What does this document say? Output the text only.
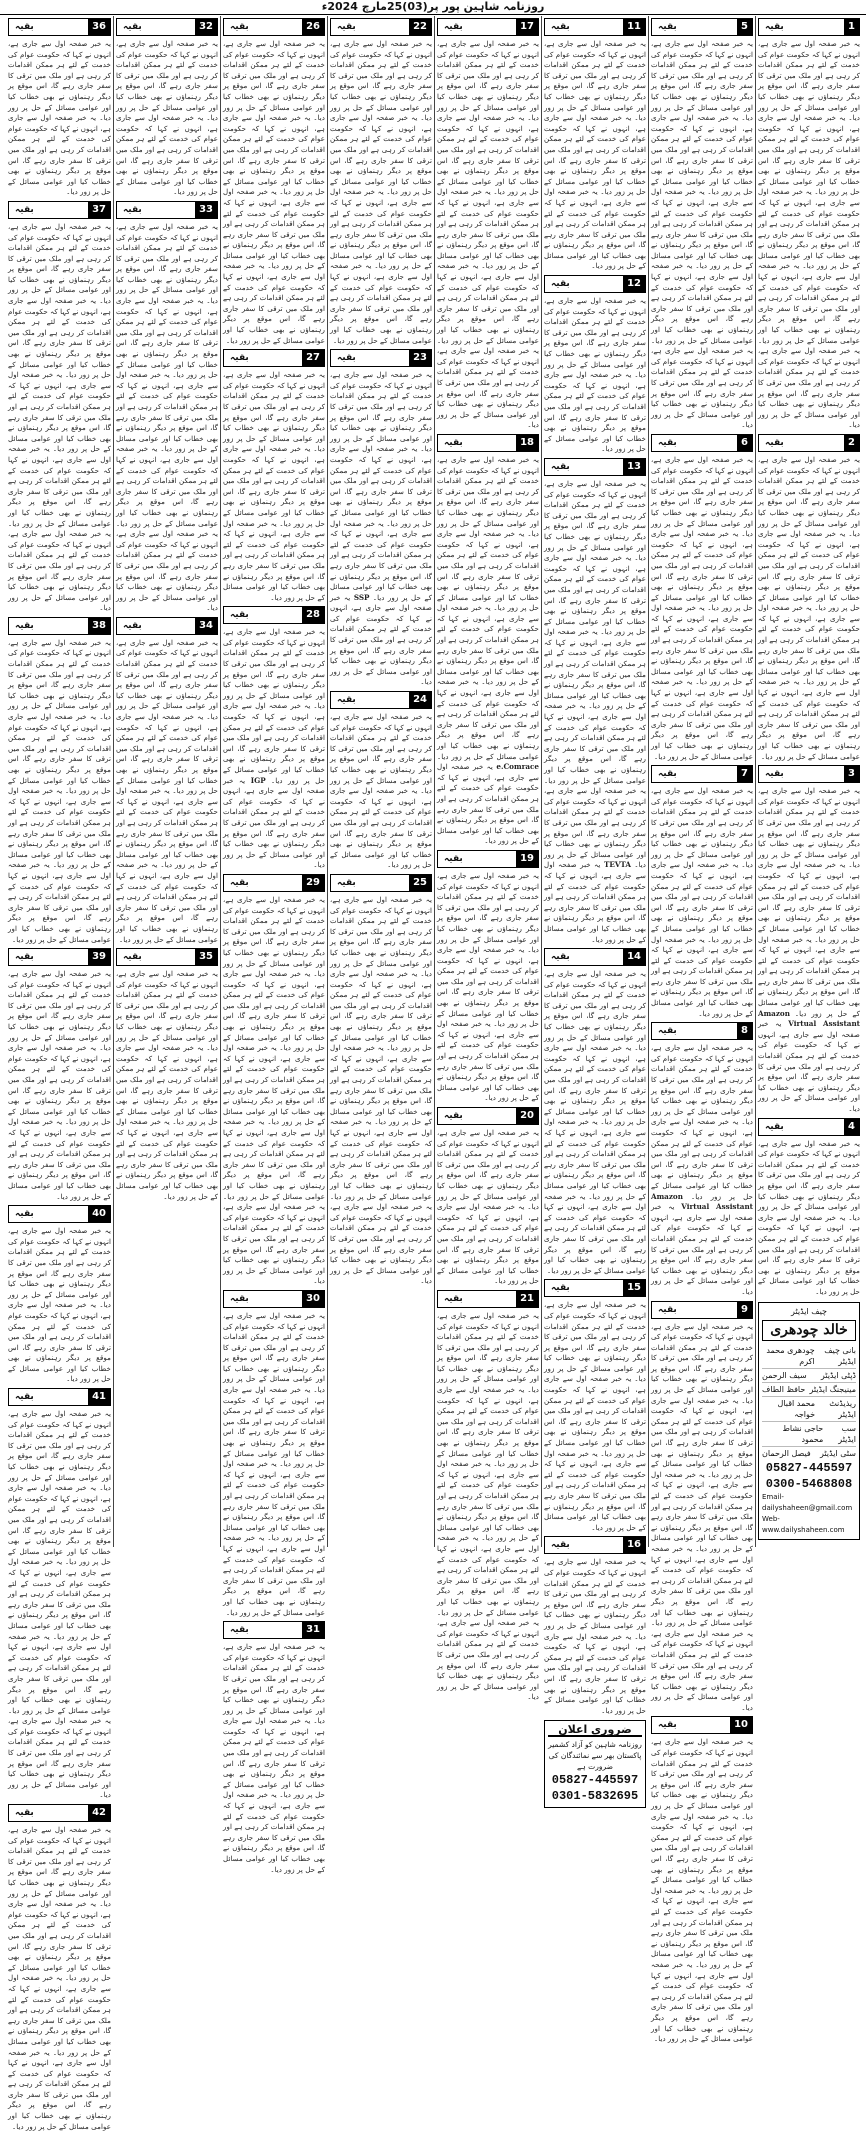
روزنامہ شاہین پور پر(03)25مارچ 2024ء
1
بقیہ

یہ خبر صفحہ اول سے جاری ہے، انہوں نے کہا کہ حکومت عوام کی خدمت کے لئے ہر ممکن اقدامات کر رہی ہے اور ملک میں ترقی کا سفر جاری رہے گا، اس موقع پر دیگر رہنماؤں نے بھی خطاب کیا اور عوامی مسائل کے حل پر زور دیا۔ یہ خبر صفحہ اول سے جاری ہے، انہوں نے کہا کہ حکومت عوام کی خدمت کے لئے ہر ممکن اقدامات کر رہی ہے اور ملک میں ترقی کا سفر جاری رہے گا، اس موقع پر دیگر رہنماؤں نے بھی خطاب کیا اور عوامی مسائل کے حل پر زور دیا۔ یہ خبر صفحہ اول سے جاری ہے، انہوں نے کہا کہ حکومت عوام کی خدمت کے لئے ہر ممکن اقدامات کر رہی ہے اور ملک میں ترقی کا سفر جاری رہے گا، اس موقع پر دیگر رہنماؤں نے بھی خطاب کیا اور عوامی مسائل کے حل پر زور دیا۔ یہ خبر صفحہ اول سے جاری ہے، انہوں نے کہا کہ حکومت عوام کی خدمت کے لئے ہر ممکن اقدامات کر رہی ہے اور ملک میں ترقی کا سفر جاری رہے گا، اس موقع پر دیگر رہنماؤں نے بھی خطاب کیا اور عوامی مسائل کے حل پر زور دیا۔ یہ خبر صفحہ اول سے جاری ہے، انہوں نے کہا کہ حکومت عوام کی خدمت کے لئے ہر ممکن اقدامات کر رہی ہے اور ملک میں ترقی کا سفر جاری رہے گا، اس موقع پر دیگر رہنماؤں نے بھی خطاب کیا اور عوامی مسائل کے حل پر زور دیا۔

2
بقیہ

یہ خبر صفحہ اول سے جاری ہے، انہوں نے کہا کہ حکومت عوام کی خدمت کے لئے ہر ممکن اقدامات کر رہی ہے اور ملک میں ترقی کا سفر جاری رہے گا، اس موقع پر دیگر رہنماؤں نے بھی خطاب کیا اور عوامی مسائل کے حل پر زور دیا۔ یہ خبر صفحہ اول سے جاری ہے، انہوں نے کہا کہ حکومت عوام کی خدمت کے لئے ہر ممکن اقدامات کر رہی ہے اور ملک میں ترقی کا سفر جاری رہے گا، اس موقع پر دیگر رہنماؤں نے بھی خطاب کیا اور عوامی مسائل کے حل پر زور دیا۔ یہ خبر صفحہ اول سے جاری ہے، انہوں نے کہا کہ حکومت عوام کی خدمت کے لئے ہر ممکن اقدامات کر رہی ہے اور ملک میں ترقی کا سفر جاری رہے گا، اس موقع پر دیگر رہنماؤں نے بھی خطاب کیا اور عوامی مسائل کے حل پر زور دیا۔ یہ خبر صفحہ اول سے جاری ہے، انہوں نے کہا کہ حکومت عوام کی خدمت کے لئے ہر ممکن اقدامات کر رہی ہے اور ملک میں ترقی کا سفر جاری رہے گا، اس موقع پر دیگر رہنماؤں نے بھی خطاب کیا اور عوامی مسائل کے حل پر زور دیا۔

3
بقیہ

یہ خبر صفحہ اول سے جاری ہے، انہوں نے کہا کہ حکومت عوام کی خدمت کے لئے ہر ممکن اقدامات کر رہی ہے اور ملک میں ترقی کا سفر جاری رہے گا، اس موقع پر دیگر رہنماؤں نے بھی خطاب کیا اور عوامی مسائل کے حل پر زور دیا۔ یہ خبر صفحہ اول سے جاری ہے، انہوں نے کہا کہ حکومت عوام کی خدمت کے لئے ہر ممکن اقدامات کر رہی ہے اور ملک میں ترقی کا سفر جاری رہے گا، اس موقع پر دیگر رہنماؤں نے بھی خطاب کیا اور عوامی مسائل کے حل پر زور دیا۔ یہ خبر صفحہ اول سے جاری ہے، انہوں نے کہا کہ حکومت عوام کی خدمت کے لئے ہر ممکن اقدامات کر رہی ہے اور ملک میں ترقی کا سفر جاری رہے گا، اس موقع پر دیگر رہنماؤں نے بھی خطاب کیا اور عوامی مسائل کے حل پر زور دیا۔ Amazon Virtual Assistant یہ خبر صفحہ اول سے جاری ہے، انہوں نے کہا کہ حکومت عوام کی خدمت کے لئے ہر ممکن اقدامات کر رہی ہے اور ملک میں ترقی کا سفر جاری رہے گا، اس موقع پر دیگر رہنماؤں نے بھی خطاب کیا اور عوامی مسائل کے حل پر زور دیا۔

4
بقیہ

یہ خبر صفحہ اول سے جاری ہے، انہوں نے کہا کہ حکومت عوام کی خدمت کے لئے ہر ممکن اقدامات کر رہی ہے اور ملک میں ترقی کا سفر جاری رہے گا، اس موقع پر دیگر رہنماؤں نے بھی خطاب کیا اور عوامی مسائل کے حل پر زور دیا۔ یہ خبر صفحہ اول سے جاری ہے، انہوں نے کہا کہ حکومت عوام کی خدمت کے لئے ہر ممکن اقدامات کر رہی ہے اور ملک میں ترقی کا سفر جاری رہے گا، اس موقع پر دیگر رہنماؤں نے بھی خطاب کیا اور عوامی مسائل کے حل پر زور دیا۔

چیف ایڈیٹر
خالد چودھری
بانی چیف ایڈیٹر
چودھری محمد اکرم
ڈپٹی ایڈیٹر
سیف الرحمن
مینیجنگ ایڈیٹر
حافظ الطاف
ریذیڈنٹ ایڈیٹر
محمد اقبال خواجہ
سب ایڈیٹر
حاجی نشاط محمود
سٹی ایڈیٹر
فیصل الرحمان
05827-445597
0300-5468808
Email-dailyshaheen@gmail.com
Web-www.dailyshaheen.com
5
بقیہ

یہ خبر صفحہ اول سے جاری ہے، انہوں نے کہا کہ حکومت عوام کی خدمت کے لئے ہر ممکن اقدامات کر رہی ہے اور ملک میں ترقی کا سفر جاری رہے گا، اس موقع پر دیگر رہنماؤں نے بھی خطاب کیا اور عوامی مسائل کے حل پر زور دیا۔ یہ خبر صفحہ اول سے جاری ہے، انہوں نے کہا کہ حکومت عوام کی خدمت کے لئے ہر ممکن اقدامات کر رہی ہے اور ملک میں ترقی کا سفر جاری رہے گا، اس موقع پر دیگر رہنماؤں نے بھی خطاب کیا اور عوامی مسائل کے حل پر زور دیا۔ یہ خبر صفحہ اول سے جاری ہے، انہوں نے کہا کہ حکومت عوام کی خدمت کے لئے ہر ممکن اقدامات کر رہی ہے اور ملک میں ترقی کا سفر جاری رہے گا، اس موقع پر دیگر رہنماؤں نے بھی خطاب کیا اور عوامی مسائل کے حل پر زور دیا۔ یہ خبر صفحہ اول سے جاری ہے، انہوں نے کہا کہ حکومت عوام کی خدمت کے لئے ہر ممکن اقدامات کر رہی ہے اور ملک میں ترقی کا سفر جاری رہے گا، اس موقع پر دیگر رہنماؤں نے بھی خطاب کیا اور عوامی مسائل کے حل پر زور دیا۔ یہ خبر صفحہ اول سے جاری ہے، انہوں نے کہا کہ حکومت عوام کی خدمت کے لئے ہر ممکن اقدامات کر رہی ہے اور ملک میں ترقی کا سفر جاری رہے گا، اس موقع پر دیگر رہنماؤں نے بھی خطاب کیا اور عوامی مسائل کے حل پر زور دیا۔

6
بقیہ

یہ خبر صفحہ اول سے جاری ہے، انہوں نے کہا کہ حکومت عوام کی خدمت کے لئے ہر ممکن اقدامات کر رہی ہے اور ملک میں ترقی کا سفر جاری رہے گا، اس موقع پر دیگر رہنماؤں نے بھی خطاب کیا اور عوامی مسائل کے حل پر زور دیا۔ یہ خبر صفحہ اول سے جاری ہے، انہوں نے کہا کہ حکومت عوام کی خدمت کے لئے ہر ممکن اقدامات کر رہی ہے اور ملک میں ترقی کا سفر جاری رہے گا، اس موقع پر دیگر رہنماؤں نے بھی خطاب کیا اور عوامی مسائل کے حل پر زور دیا۔ یہ خبر صفحہ اول سے جاری ہے، انہوں نے کہا کہ حکومت عوام کی خدمت کے لئے ہر ممکن اقدامات کر رہی ہے اور ملک میں ترقی کا سفر جاری رہے گا، اس موقع پر دیگر رہنماؤں نے بھی خطاب کیا اور عوامی مسائل کے حل پر زور دیا۔ یہ خبر صفحہ اول سے جاری ہے، انہوں نے کہا کہ حکومت عوام کی خدمت کے لئے ہر ممکن اقدامات کر رہی ہے اور ملک میں ترقی کا سفر جاری رہے گا، اس موقع پر دیگر رہنماؤں نے بھی خطاب کیا اور عوامی مسائل کے حل پر زور دیا۔

7
بقیہ

یہ خبر صفحہ اول سے جاری ہے، انہوں نے کہا کہ حکومت عوام کی خدمت کے لئے ہر ممکن اقدامات کر رہی ہے اور ملک میں ترقی کا سفر جاری رہے گا، اس موقع پر دیگر رہنماؤں نے بھی خطاب کیا اور عوامی مسائل کے حل پر زور دیا۔ یہ خبر صفحہ اول سے جاری ہے، انہوں نے کہا کہ حکومت عوام کی خدمت کے لئے ہر ممکن اقدامات کر رہی ہے اور ملک میں ترقی کا سفر جاری رہے گا، اس موقع پر دیگر رہنماؤں نے بھی خطاب کیا اور عوامی مسائل کے حل پر زور دیا۔ یہ خبر صفحہ اول سے جاری ہے، انہوں نے کہا کہ حکومت عوام کی خدمت کے لئے ہر ممکن اقدامات کر رہی ہے اور ملک میں ترقی کا سفر جاری رہے گا، اس موقع پر دیگر رہنماؤں نے بھی خطاب کیا اور عوامی مسائل کے حل پر زور دیا۔

8
بقیہ

یہ خبر صفحہ اول سے جاری ہے، انہوں نے کہا کہ حکومت عوام کی خدمت کے لئے ہر ممکن اقدامات کر رہی ہے اور ملک میں ترقی کا سفر جاری رہے گا، اس موقع پر دیگر رہنماؤں نے بھی خطاب کیا اور عوامی مسائل کے حل پر زور دیا۔ یہ خبر صفحہ اول سے جاری ہے، انہوں نے کہا کہ حکومت عوام کی خدمت کے لئے ہر ممکن اقدامات کر رہی ہے اور ملک میں ترقی کا سفر جاری رہے گا، اس موقع پر دیگر رہنماؤں نے بھی خطاب کیا اور عوامی مسائل کے حل پر زور دیا۔ Amazon Virtual Assistant یہ خبر صفحہ اول سے جاری ہے، انہوں نے کہا کہ حکومت عوام کی خدمت کے لئے ہر ممکن اقدامات کر رہی ہے اور ملک میں ترقی کا سفر جاری رہے گا، اس موقع پر دیگر رہنماؤں نے بھی خطاب کیا اور عوامی مسائل کے حل پر زور دیا۔

9
بقیہ

یہ خبر صفحہ اول سے جاری ہے، انہوں نے کہا کہ حکومت عوام کی خدمت کے لئے ہر ممکن اقدامات کر رہی ہے اور ملک میں ترقی کا سفر جاری رہے گا، اس موقع پر دیگر رہنماؤں نے بھی خطاب کیا اور عوامی مسائل کے حل پر زور دیا۔ یہ خبر صفحہ اول سے جاری ہے، انہوں نے کہا کہ حکومت عوام کی خدمت کے لئے ہر ممکن اقدامات کر رہی ہے اور ملک میں ترقی کا سفر جاری رہے گا، اس موقع پر دیگر رہنماؤں نے بھی خطاب کیا اور عوامی مسائل کے حل پر زور دیا۔ یہ خبر صفحہ اول سے جاری ہے، انہوں نے کہا کہ حکومت عوام کی خدمت کے لئے ہر ممکن اقدامات کر رہی ہے اور ملک میں ترقی کا سفر جاری رہے گا، اس موقع پر دیگر رہنماؤں نے بھی خطاب کیا اور عوامی مسائل کے حل پر زور دیا۔ یہ خبر صفحہ اول سے جاری ہے، انہوں نے کہا کہ حکومت عوام کی خدمت کے لئے ہر ممکن اقدامات کر رہی ہے اور ملک میں ترقی کا سفر جاری رہے گا، اس موقع پر دیگر رہنماؤں نے بھی خطاب کیا اور عوامی مسائل کے حل پر زور دیا۔ یہ خبر صفحہ اول سے جاری ہے، انہوں نے کہا کہ حکومت عوام کی خدمت کے لئے ہر ممکن اقدامات کر رہی ہے اور ملک میں ترقی کا سفر جاری رہے گا، اس موقع پر دیگر رہنماؤں نے بھی خطاب کیا اور عوامی مسائل کے حل پر زور دیا۔

10
بقیہ

یہ خبر صفحہ اول سے جاری ہے، انہوں نے کہا کہ حکومت عوام کی خدمت کے لئے ہر ممکن اقدامات کر رہی ہے اور ملک میں ترقی کا سفر جاری رہے گا، اس موقع پر دیگر رہنماؤں نے بھی خطاب کیا اور عوامی مسائل کے حل پر زور دیا۔ یہ خبر صفحہ اول سے جاری ہے، انہوں نے کہا کہ حکومت عوام کی خدمت کے لئے ہر ممکن اقدامات کر رہی ہے اور ملک میں ترقی کا سفر جاری رہے گا، اس موقع پر دیگر رہنماؤں نے بھی خطاب کیا اور عوامی مسائل کے حل پر زور دیا۔ یہ خبر صفحہ اول سے جاری ہے، انہوں نے کہا کہ حکومت عوام کی خدمت کے لئے ہر ممکن اقدامات کر رہی ہے اور ملک میں ترقی کا سفر جاری رہے گا، اس موقع پر دیگر رہنماؤں نے بھی خطاب کیا اور عوامی مسائل کے حل پر زور دیا۔ یہ خبر صفحہ اول سے جاری ہے، انہوں نے کہا کہ حکومت عوام کی خدمت کے لئے ہر ممکن اقدامات کر رہی ہے اور ملک میں ترقی کا سفر جاری رہے گا، اس موقع پر دیگر رہنماؤں نے بھی خطاب کیا اور عوامی مسائل کے حل پر زور دیا۔

11
بقیہ

یہ خبر صفحہ اول سے جاری ہے، انہوں نے کہا کہ حکومت عوام کی خدمت کے لئے ہر ممکن اقدامات کر رہی ہے اور ملک میں ترقی کا سفر جاری رہے گا، اس موقع پر دیگر رہنماؤں نے بھی خطاب کیا اور عوامی مسائل کے حل پر زور دیا۔ یہ خبر صفحہ اول سے جاری ہے، انہوں نے کہا کہ حکومت عوام کی خدمت کے لئے ہر ممکن اقدامات کر رہی ہے اور ملک میں ترقی کا سفر جاری رہے گا، اس موقع پر دیگر رہنماؤں نے بھی خطاب کیا اور عوامی مسائل کے حل پر زور دیا۔ یہ خبر صفحہ اول سے جاری ہے، انہوں نے کہا کہ حکومت عوام کی خدمت کے لئے ہر ممکن اقدامات کر رہی ہے اور ملک میں ترقی کا سفر جاری رہے گا، اس موقع پر دیگر رہنماؤں نے بھی خطاب کیا اور عوامی مسائل کے حل پر زور دیا۔

12
بقیہ

یہ خبر صفحہ اول سے جاری ہے، انہوں نے کہا کہ حکومت عوام کی خدمت کے لئے ہر ممکن اقدامات کر رہی ہے اور ملک میں ترقی کا سفر جاری رہے گا، اس موقع پر دیگر رہنماؤں نے بھی خطاب کیا اور عوامی مسائل کے حل پر زور دیا۔ یہ خبر صفحہ اول سے جاری ہے، انہوں نے کہا کہ حکومت عوام کی خدمت کے لئے ہر ممکن اقدامات کر رہی ہے اور ملک میں ترقی کا سفر جاری رہے گا، اس موقع پر دیگر رہنماؤں نے بھی خطاب کیا اور عوامی مسائل کے حل پر زور دیا۔

13
بقیہ

یہ خبر صفحہ اول سے جاری ہے، انہوں نے کہا کہ حکومت عوام کی خدمت کے لئے ہر ممکن اقدامات کر رہی ہے اور ملک میں ترقی کا سفر جاری رہے گا، اس موقع پر دیگر رہنماؤں نے بھی خطاب کیا اور عوامی مسائل کے حل پر زور دیا۔ یہ خبر صفحہ اول سے جاری ہے، انہوں نے کہا کہ حکومت عوام کی خدمت کے لئے ہر ممکن اقدامات کر رہی ہے اور ملک میں ترقی کا سفر جاری رہے گا، اس موقع پر دیگر رہنماؤں نے بھی خطاب کیا اور عوامی مسائل کے حل پر زور دیا۔ یہ خبر صفحہ اول سے جاری ہے، انہوں نے کہا کہ حکومت عوام کی خدمت کے لئے ہر ممکن اقدامات کر رہی ہے اور ملک میں ترقی کا سفر جاری رہے گا، اس موقع پر دیگر رہنماؤں نے بھی خطاب کیا اور عوامی مسائل کے حل پر زور دیا۔ یہ خبر صفحہ اول سے جاری ہے، انہوں نے کہا کہ حکومت عوام کی خدمت کے لئے ہر ممکن اقدامات کر رہی ہے اور ملک میں ترقی کا سفر جاری رہے گا، اس موقع پر دیگر رہنماؤں نے بھی خطاب کیا اور عوامی مسائل کے حل پر زور دیا۔ یہ خبر صفحہ اول سے جاری ہے، انہوں نے کہا کہ حکومت عوام کی خدمت کے لئے ہر ممکن اقدامات کر رہی ہے اور ملک میں ترقی کا سفر جاری رہے گا، اس موقع پر دیگر رہنماؤں نے بھی خطاب کیا اور عوامی مسائل کے حل پر زور دیا۔ TEVTA یہ خبر صفحہ اول سے جاری ہے، انہوں نے کہا کہ حکومت عوام کی خدمت کے لئے ہر ممکن اقدامات کر رہی ہے اور ملک میں ترقی کا سفر جاری رہے گا، اس موقع پر دیگر رہنماؤں نے بھی خطاب کیا اور عوامی مسائل کے حل پر زور دیا۔

14
بقیہ

یہ خبر صفحہ اول سے جاری ہے، انہوں نے کہا کہ حکومت عوام کی خدمت کے لئے ہر ممکن اقدامات کر رہی ہے اور ملک میں ترقی کا سفر جاری رہے گا، اس موقع پر دیگر رہنماؤں نے بھی خطاب کیا اور عوامی مسائل کے حل پر زور دیا۔ یہ خبر صفحہ اول سے جاری ہے، انہوں نے کہا کہ حکومت عوام کی خدمت کے لئے ہر ممکن اقدامات کر رہی ہے اور ملک میں ترقی کا سفر جاری رہے گا، اس موقع پر دیگر رہنماؤں نے بھی خطاب کیا اور عوامی مسائل کے حل پر زور دیا۔ یہ خبر صفحہ اول سے جاری ہے، انہوں نے کہا کہ حکومت عوام کی خدمت کے لئے ہر ممکن اقدامات کر رہی ہے اور ملک میں ترقی کا سفر جاری رہے گا، اس موقع پر دیگر رہنماؤں نے بھی خطاب کیا اور عوامی مسائل کے حل پر زور دیا۔ یہ خبر صفحہ اول سے جاری ہے، انہوں نے کہا کہ حکومت عوام کی خدمت کے لئے ہر ممکن اقدامات کر رہی ہے اور ملک میں ترقی کا سفر جاری رہے گا، اس موقع پر دیگر رہنماؤں نے بھی خطاب کیا اور عوامی مسائل کے حل پر زور دیا۔

15
بقیہ

یہ خبر صفحہ اول سے جاری ہے، انہوں نے کہا کہ حکومت عوام کی خدمت کے لئے ہر ممکن اقدامات کر رہی ہے اور ملک میں ترقی کا سفر جاری رہے گا، اس موقع پر دیگر رہنماؤں نے بھی خطاب کیا اور عوامی مسائل کے حل پر زور دیا۔ یہ خبر صفحہ اول سے جاری ہے، انہوں نے کہا کہ حکومت عوام کی خدمت کے لئے ہر ممکن اقدامات کر رہی ہے اور ملک میں ترقی کا سفر جاری رہے گا، اس موقع پر دیگر رہنماؤں نے بھی خطاب کیا اور عوامی مسائل کے حل پر زور دیا۔ یہ خبر صفحہ اول سے جاری ہے، انہوں نے کہا کہ حکومت عوام کی خدمت کے لئے ہر ممکن اقدامات کر رہی ہے اور ملک میں ترقی کا سفر جاری رہے گا، اس موقع پر دیگر رہنماؤں نے بھی خطاب کیا اور عوامی مسائل کے حل پر زور دیا۔

16
بقیہ

یہ خبر صفحہ اول سے جاری ہے، انہوں نے کہا کہ حکومت عوام کی خدمت کے لئے ہر ممکن اقدامات کر رہی ہے اور ملک میں ترقی کا سفر جاری رہے گا، اس موقع پر دیگر رہنماؤں نے بھی خطاب کیا اور عوامی مسائل کے حل پر زور دیا۔ یہ خبر صفحہ اول سے جاری ہے، انہوں نے کہا کہ حکومت عوام کی خدمت کے لئے ہر ممکن اقدامات کر رہی ہے اور ملک میں ترقی کا سفر جاری رہے گا، اس موقع پر دیگر رہنماؤں نے بھی خطاب کیا اور عوامی مسائل کے حل پر زور دیا۔

ضروری اعلان
روزنامہ شاہین کو آزاد کشمیر پاکستان بھر سے نمائندگان کی ضرورت ہے
05827-445597
0301-5832695
17
بقیہ

یہ خبر صفحہ اول سے جاری ہے، انہوں نے کہا کہ حکومت عوام کی خدمت کے لئے ہر ممکن اقدامات کر رہی ہے اور ملک میں ترقی کا سفر جاری رہے گا، اس موقع پر دیگر رہنماؤں نے بھی خطاب کیا اور عوامی مسائل کے حل پر زور دیا۔ یہ خبر صفحہ اول سے جاری ہے، انہوں نے کہا کہ حکومت عوام کی خدمت کے لئے ہر ممکن اقدامات کر رہی ہے اور ملک میں ترقی کا سفر جاری رہے گا، اس موقع پر دیگر رہنماؤں نے بھی خطاب کیا اور عوامی مسائل کے حل پر زور دیا۔ یہ خبر صفحہ اول سے جاری ہے، انہوں نے کہا کہ حکومت عوام کی خدمت کے لئے ہر ممکن اقدامات کر رہی ہے اور ملک میں ترقی کا سفر جاری رہے گا، اس موقع پر دیگر رہنماؤں نے بھی خطاب کیا اور عوامی مسائل کے حل پر زور دیا۔ یہ خبر صفحہ اول سے جاری ہے، انہوں نے کہا کہ حکومت عوام کی خدمت کے لئے ہر ممکن اقدامات کر رہی ہے اور ملک میں ترقی کا سفر جاری رہے گا، اس موقع پر دیگر رہنماؤں نے بھی خطاب کیا اور عوامی مسائل کے حل پر زور دیا۔ یہ خبر صفحہ اول سے جاری ہے، انہوں نے کہا کہ حکومت عوام کی خدمت کے لئے ہر ممکن اقدامات کر رہی ہے اور ملک میں ترقی کا سفر جاری رہے گا، اس موقع پر دیگر رہنماؤں نے بھی خطاب کیا اور عوامی مسائل کے حل پر زور دیا۔

18
بقیہ

یہ خبر صفحہ اول سے جاری ہے، انہوں نے کہا کہ حکومت عوام کی خدمت کے لئے ہر ممکن اقدامات کر رہی ہے اور ملک میں ترقی کا سفر جاری رہے گا، اس موقع پر دیگر رہنماؤں نے بھی خطاب کیا اور عوامی مسائل کے حل پر زور دیا۔ یہ خبر صفحہ اول سے جاری ہے، انہوں نے کہا کہ حکومت عوام کی خدمت کے لئے ہر ممکن اقدامات کر رہی ہے اور ملک میں ترقی کا سفر جاری رہے گا، اس موقع پر دیگر رہنماؤں نے بھی خطاب کیا اور عوامی مسائل کے حل پر زور دیا۔ یہ خبر صفحہ اول سے جاری ہے، انہوں نے کہا کہ حکومت عوام کی خدمت کے لئے ہر ممکن اقدامات کر رہی ہے اور ملک میں ترقی کا سفر جاری رہے گا، اس موقع پر دیگر رہنماؤں نے بھی خطاب کیا اور عوامی مسائل کے حل پر زور دیا۔ یہ خبر صفحہ اول سے جاری ہے، انہوں نے کہا کہ حکومت عوام کی خدمت کے لئے ہر ممکن اقدامات کر رہی ہے اور ملک میں ترقی کا سفر جاری رہے گا، اس موقع پر دیگر رہنماؤں نے بھی خطاب کیا اور عوامی مسائل کے حل پر زور دیا۔ e.Comrace یہ خبر صفحہ اول سے جاری ہے، انہوں نے کہا کہ حکومت عوام کی خدمت کے لئے ہر ممکن اقدامات کر رہی ہے اور ملک میں ترقی کا سفر جاری رہے گا، اس موقع پر دیگر رہنماؤں نے بھی خطاب کیا اور عوامی مسائل کے حل پر زور دیا۔

19
بقیہ

یہ خبر صفحہ اول سے جاری ہے، انہوں نے کہا کہ حکومت عوام کی خدمت کے لئے ہر ممکن اقدامات کر رہی ہے اور ملک میں ترقی کا سفر جاری رہے گا، اس موقع پر دیگر رہنماؤں نے بھی خطاب کیا اور عوامی مسائل کے حل پر زور دیا۔ یہ خبر صفحہ اول سے جاری ہے، انہوں نے کہا کہ حکومت عوام کی خدمت کے لئے ہر ممکن اقدامات کر رہی ہے اور ملک میں ترقی کا سفر جاری رہے گا، اس موقع پر دیگر رہنماؤں نے بھی خطاب کیا اور عوامی مسائل کے حل پر زور دیا۔ یہ خبر صفحہ اول سے جاری ہے، انہوں نے کہا کہ حکومت عوام کی خدمت کے لئے ہر ممکن اقدامات کر رہی ہے اور ملک میں ترقی کا سفر جاری رہے گا، اس موقع پر دیگر رہنماؤں نے بھی خطاب کیا اور عوامی مسائل کے حل پر زور دیا۔

20
بقیہ

یہ خبر صفحہ اول سے جاری ہے، انہوں نے کہا کہ حکومت عوام کی خدمت کے لئے ہر ممکن اقدامات کر رہی ہے اور ملک میں ترقی کا سفر جاری رہے گا، اس موقع پر دیگر رہنماؤں نے بھی خطاب کیا اور عوامی مسائل کے حل پر زور دیا۔ یہ خبر صفحہ اول سے جاری ہے، انہوں نے کہا کہ حکومت عوام کی خدمت کے لئے ہر ممکن اقدامات کر رہی ہے اور ملک میں ترقی کا سفر جاری رہے گا، اس موقع پر دیگر رہنماؤں نے بھی خطاب کیا اور عوامی مسائل کے حل پر زور دیا۔

21
بقیہ

یہ خبر صفحہ اول سے جاری ہے، انہوں نے کہا کہ حکومت عوام کی خدمت کے لئے ہر ممکن اقدامات کر رہی ہے اور ملک میں ترقی کا سفر جاری رہے گا، اس موقع پر دیگر رہنماؤں نے بھی خطاب کیا اور عوامی مسائل کے حل پر زور دیا۔ یہ خبر صفحہ اول سے جاری ہے، انہوں نے کہا کہ حکومت عوام کی خدمت کے لئے ہر ممکن اقدامات کر رہی ہے اور ملک میں ترقی کا سفر جاری رہے گا، اس موقع پر دیگر رہنماؤں نے بھی خطاب کیا اور عوامی مسائل کے حل پر زور دیا۔ یہ خبر صفحہ اول سے جاری ہے، انہوں نے کہا کہ حکومت عوام کی خدمت کے لئے ہر ممکن اقدامات کر رہی ہے اور ملک میں ترقی کا سفر جاری رہے گا، اس موقع پر دیگر رہنماؤں نے بھی خطاب کیا اور عوامی مسائل کے حل پر زور دیا۔ یہ خبر صفحہ اول سے جاری ہے، انہوں نے کہا کہ حکومت عوام کی خدمت کے لئے ہر ممکن اقدامات کر رہی ہے اور ملک میں ترقی کا سفر جاری رہے گا، اس موقع پر دیگر رہنماؤں نے بھی خطاب کیا اور عوامی مسائل کے حل پر زور دیا۔ یہ خبر صفحہ اول سے جاری ہے، انہوں نے کہا کہ حکومت عوام کی خدمت کے لئے ہر ممکن اقدامات کر رہی ہے اور ملک میں ترقی کا سفر جاری رہے گا، اس موقع پر دیگر رہنماؤں نے بھی خطاب کیا اور عوامی مسائل کے حل پر زور دیا۔

22
بقیہ

یہ خبر صفحہ اول سے جاری ہے، انہوں نے کہا کہ حکومت عوام کی خدمت کے لئے ہر ممکن اقدامات کر رہی ہے اور ملک میں ترقی کا سفر جاری رہے گا، اس موقع پر دیگر رہنماؤں نے بھی خطاب کیا اور عوامی مسائل کے حل پر زور دیا۔ یہ خبر صفحہ اول سے جاری ہے، انہوں نے کہا کہ حکومت عوام کی خدمت کے لئے ہر ممکن اقدامات کر رہی ہے اور ملک میں ترقی کا سفر جاری رہے گا، اس موقع پر دیگر رہنماؤں نے بھی خطاب کیا اور عوامی مسائل کے حل پر زور دیا۔ یہ خبر صفحہ اول سے جاری ہے، انہوں نے کہا کہ حکومت عوام کی خدمت کے لئے ہر ممکن اقدامات کر رہی ہے اور ملک میں ترقی کا سفر جاری رہے گا، اس موقع پر دیگر رہنماؤں نے بھی خطاب کیا اور عوامی مسائل کے حل پر زور دیا۔ یہ خبر صفحہ اول سے جاری ہے، انہوں نے کہا کہ حکومت عوام کی خدمت کے لئے ہر ممکن اقدامات کر رہی ہے اور ملک میں ترقی کا سفر جاری رہے گا، اس موقع پر دیگر رہنماؤں نے بھی خطاب کیا اور عوامی مسائل کے حل پر زور دیا۔

23
بقیہ

یہ خبر صفحہ اول سے جاری ہے، انہوں نے کہا کہ حکومت عوام کی خدمت کے لئے ہر ممکن اقدامات کر رہی ہے اور ملک میں ترقی کا سفر جاری رہے گا، اس موقع پر دیگر رہنماؤں نے بھی خطاب کیا اور عوامی مسائل کے حل پر زور دیا۔ یہ خبر صفحہ اول سے جاری ہے، انہوں نے کہا کہ حکومت عوام کی خدمت کے لئے ہر ممکن اقدامات کر رہی ہے اور ملک میں ترقی کا سفر جاری رہے گا، اس موقع پر دیگر رہنماؤں نے بھی خطاب کیا اور عوامی مسائل کے حل پر زور دیا۔ یہ خبر صفحہ اول سے جاری ہے، انہوں نے کہا کہ حکومت عوام کی خدمت کے لئے ہر ممکن اقدامات کر رہی ہے اور ملک میں ترقی کا سفر جاری رہے گا، اس موقع پر دیگر رہنماؤں نے بھی خطاب کیا اور عوامی مسائل کے حل پر زور دیا۔ SSP یہ خبر صفحہ اول سے جاری ہے، انہوں نے کہا کہ حکومت عوام کی خدمت کے لئے ہر ممکن اقدامات کر رہی ہے اور ملک میں ترقی کا سفر جاری رہے گا، اس موقع پر دیگر رہنماؤں نے بھی خطاب کیا اور عوامی مسائل کے حل پر زور دیا۔

24
بقیہ

یہ خبر صفحہ اول سے جاری ہے، انہوں نے کہا کہ حکومت عوام کی خدمت کے لئے ہر ممکن اقدامات کر رہی ہے اور ملک میں ترقی کا سفر جاری رہے گا، اس موقع پر دیگر رہنماؤں نے بھی خطاب کیا اور عوامی مسائل کے حل پر زور دیا۔ یہ خبر صفحہ اول سے جاری ہے، انہوں نے کہا کہ حکومت عوام کی خدمت کے لئے ہر ممکن اقدامات کر رہی ہے اور ملک میں ترقی کا سفر جاری رہے گا، اس موقع پر دیگر رہنماؤں نے بھی خطاب کیا اور عوامی مسائل کے حل پر زور دیا۔

25
بقیہ

یہ خبر صفحہ اول سے جاری ہے، انہوں نے کہا کہ حکومت عوام کی خدمت کے لئے ہر ممکن اقدامات کر رہی ہے اور ملک میں ترقی کا سفر جاری رہے گا، اس موقع پر دیگر رہنماؤں نے بھی خطاب کیا اور عوامی مسائل کے حل پر زور دیا۔ یہ خبر صفحہ اول سے جاری ہے، انہوں نے کہا کہ حکومت عوام کی خدمت کے لئے ہر ممکن اقدامات کر رہی ہے اور ملک میں ترقی کا سفر جاری رہے گا، اس موقع پر دیگر رہنماؤں نے بھی خطاب کیا اور عوامی مسائل کے حل پر زور دیا۔ یہ خبر صفحہ اول سے جاری ہے، انہوں نے کہا کہ حکومت عوام کی خدمت کے لئے ہر ممکن اقدامات کر رہی ہے اور ملک میں ترقی کا سفر جاری رہے گا، اس موقع پر دیگر رہنماؤں نے بھی خطاب کیا اور عوامی مسائل کے حل پر زور دیا۔ یہ خبر صفحہ اول سے جاری ہے، انہوں نے کہا کہ حکومت عوام کی خدمت کے لئے ہر ممکن اقدامات کر رہی ہے اور ملک میں ترقی کا سفر جاری رہے گا، اس موقع پر دیگر رہنماؤں نے بھی خطاب کیا اور عوامی مسائل کے حل پر زور دیا۔ یہ خبر صفحہ اول سے جاری ہے، انہوں نے کہا کہ حکومت عوام کی خدمت کے لئے ہر ممکن اقدامات کر رہی ہے اور ملک میں ترقی کا سفر جاری رہے گا، اس موقع پر دیگر رہنماؤں نے بھی خطاب کیا اور عوامی مسائل کے حل پر زور دیا۔

26
بقیہ

یہ خبر صفحہ اول سے جاری ہے، انہوں نے کہا کہ حکومت عوام کی خدمت کے لئے ہر ممکن اقدامات کر رہی ہے اور ملک میں ترقی کا سفر جاری رہے گا، اس موقع پر دیگر رہنماؤں نے بھی خطاب کیا اور عوامی مسائل کے حل پر زور دیا۔ یہ خبر صفحہ اول سے جاری ہے، انہوں نے کہا کہ حکومت عوام کی خدمت کے لئے ہر ممکن اقدامات کر رہی ہے اور ملک میں ترقی کا سفر جاری رہے گا، اس موقع پر دیگر رہنماؤں نے بھی خطاب کیا اور عوامی مسائل کے حل پر زور دیا۔ یہ خبر صفحہ اول سے جاری ہے، انہوں نے کہا کہ حکومت عوام کی خدمت کے لئے ہر ممکن اقدامات کر رہی ہے اور ملک میں ترقی کا سفر جاری رہے گا، اس موقع پر دیگر رہنماؤں نے بھی خطاب کیا اور عوامی مسائل کے حل پر زور دیا۔ یہ خبر صفحہ اول سے جاری ہے، انہوں نے کہا کہ حکومت عوام کی خدمت کے لئے ہر ممکن اقدامات کر رہی ہے اور ملک میں ترقی کا سفر جاری رہے گا، اس موقع پر دیگر رہنماؤں نے بھی خطاب کیا اور عوامی مسائل کے حل پر زور دیا۔

27
بقیہ

یہ خبر صفحہ اول سے جاری ہے، انہوں نے کہا کہ حکومت عوام کی خدمت کے لئے ہر ممکن اقدامات کر رہی ہے اور ملک میں ترقی کا سفر جاری رہے گا، اس موقع پر دیگر رہنماؤں نے بھی خطاب کیا اور عوامی مسائل کے حل پر زور دیا۔ یہ خبر صفحہ اول سے جاری ہے، انہوں نے کہا کہ حکومت عوام کی خدمت کے لئے ہر ممکن اقدامات کر رہی ہے اور ملک میں ترقی کا سفر جاری رہے گا، اس موقع پر دیگر رہنماؤں نے بھی خطاب کیا اور عوامی مسائل کے حل پر زور دیا۔ یہ خبر صفحہ اول سے جاری ہے، انہوں نے کہا کہ حکومت عوام کی خدمت کے لئے ہر ممکن اقدامات کر رہی ہے اور ملک میں ترقی کا سفر جاری رہے گا، اس موقع پر دیگر رہنماؤں نے بھی خطاب کیا اور عوامی مسائل کے حل پر زور دیا۔

28
بقیہ

یہ خبر صفحہ اول سے جاری ہے، انہوں نے کہا کہ حکومت عوام کی خدمت کے لئے ہر ممکن اقدامات کر رہی ہے اور ملک میں ترقی کا سفر جاری رہے گا، اس موقع پر دیگر رہنماؤں نے بھی خطاب کیا اور عوامی مسائل کے حل پر زور دیا۔ یہ خبر صفحہ اول سے جاری ہے، انہوں نے کہا کہ حکومت عوام کی خدمت کے لئے ہر ممکن اقدامات کر رہی ہے اور ملک میں ترقی کا سفر جاری رہے گا، اس موقع پر دیگر رہنماؤں نے بھی خطاب کیا اور عوامی مسائل کے حل پر زور دیا۔ IGP یہ خبر صفحہ اول سے جاری ہے، انہوں نے کہا کہ حکومت عوام کی خدمت کے لئے ہر ممکن اقدامات کر رہی ہے اور ملک میں ترقی کا سفر جاری رہے گا، اس موقع پر دیگر رہنماؤں نے بھی خطاب کیا اور عوامی مسائل کے حل پر زور دیا۔

29
بقیہ

یہ خبر صفحہ اول سے جاری ہے، انہوں نے کہا کہ حکومت عوام کی خدمت کے لئے ہر ممکن اقدامات کر رہی ہے اور ملک میں ترقی کا سفر جاری رہے گا، اس موقع پر دیگر رہنماؤں نے بھی خطاب کیا اور عوامی مسائل کے حل پر زور دیا۔ یہ خبر صفحہ اول سے جاری ہے، انہوں نے کہا کہ حکومت عوام کی خدمت کے لئے ہر ممکن اقدامات کر رہی ہے اور ملک میں ترقی کا سفر جاری رہے گا، اس موقع پر دیگر رہنماؤں نے بھی خطاب کیا اور عوامی مسائل کے حل پر زور دیا۔ یہ خبر صفحہ اول سے جاری ہے، انہوں نے کہا کہ حکومت عوام کی خدمت کے لئے ہر ممکن اقدامات کر رہی ہے اور ملک میں ترقی کا سفر جاری رہے گا، اس موقع پر دیگر رہنماؤں نے بھی خطاب کیا اور عوامی مسائل کے حل پر زور دیا۔ یہ خبر صفحہ اول سے جاری ہے، انہوں نے کہا کہ حکومت عوام کی خدمت کے لئے ہر ممکن اقدامات کر رہی ہے اور ملک میں ترقی کا سفر جاری رہے گا، اس موقع پر دیگر رہنماؤں نے بھی خطاب کیا اور عوامی مسائل کے حل پر زور دیا۔ یہ خبر صفحہ اول سے جاری ہے، انہوں نے کہا کہ حکومت عوام کی خدمت کے لئے ہر ممکن اقدامات کر رہی ہے اور ملک میں ترقی کا سفر جاری رہے گا، اس موقع پر دیگر رہنماؤں نے بھی خطاب کیا اور عوامی مسائل کے حل پر زور دیا۔

30
بقیہ

یہ خبر صفحہ اول سے جاری ہے، انہوں نے کہا کہ حکومت عوام کی خدمت کے لئے ہر ممکن اقدامات کر رہی ہے اور ملک میں ترقی کا سفر جاری رہے گا، اس موقع پر دیگر رہنماؤں نے بھی خطاب کیا اور عوامی مسائل کے حل پر زور دیا۔ یہ خبر صفحہ اول سے جاری ہے، انہوں نے کہا کہ حکومت عوام کی خدمت کے لئے ہر ممکن اقدامات کر رہی ہے اور ملک میں ترقی کا سفر جاری رہے گا، اس موقع پر دیگر رہنماؤں نے بھی خطاب کیا اور عوامی مسائل کے حل پر زور دیا۔ یہ خبر صفحہ اول سے جاری ہے، انہوں نے کہا کہ حکومت عوام کی خدمت کے لئے ہر ممکن اقدامات کر رہی ہے اور ملک میں ترقی کا سفر جاری رہے گا، اس موقع پر دیگر رہنماؤں نے بھی خطاب کیا اور عوامی مسائل کے حل پر زور دیا۔ یہ خبر صفحہ اول سے جاری ہے، انہوں نے کہا کہ حکومت عوام کی خدمت کے لئے ہر ممکن اقدامات کر رہی ہے اور ملک میں ترقی کا سفر جاری رہے گا، اس موقع پر دیگر رہنماؤں نے بھی خطاب کیا اور عوامی مسائل کے حل پر زور دیا۔

31
بقیہ

یہ خبر صفحہ اول سے جاری ہے، انہوں نے کہا کہ حکومت عوام کی خدمت کے لئے ہر ممکن اقدامات کر رہی ہے اور ملک میں ترقی کا سفر جاری رہے گا، اس موقع پر دیگر رہنماؤں نے بھی خطاب کیا اور عوامی مسائل کے حل پر زور دیا۔ یہ خبر صفحہ اول سے جاری ہے، انہوں نے کہا کہ حکومت عوام کی خدمت کے لئے ہر ممکن اقدامات کر رہی ہے اور ملک میں ترقی کا سفر جاری رہے گا، اس موقع پر دیگر رہنماؤں نے بھی خطاب کیا اور عوامی مسائل کے حل پر زور دیا۔ یہ خبر صفحہ اول سے جاری ہے، انہوں نے کہا کہ حکومت عوام کی خدمت کے لئے ہر ممکن اقدامات کر رہی ہے اور ملک میں ترقی کا سفر جاری رہے گا، اس موقع پر دیگر رہنماؤں نے بھی خطاب کیا اور عوامی مسائل کے حل پر زور دیا۔

32
بقیہ

یہ خبر صفحہ اول سے جاری ہے، انہوں نے کہا کہ حکومت عوام کی خدمت کے لئے ہر ممکن اقدامات کر رہی ہے اور ملک میں ترقی کا سفر جاری رہے گا، اس موقع پر دیگر رہنماؤں نے بھی خطاب کیا اور عوامی مسائل کے حل پر زور دیا۔ یہ خبر صفحہ اول سے جاری ہے، انہوں نے کہا کہ حکومت عوام کی خدمت کے لئے ہر ممکن اقدامات کر رہی ہے اور ملک میں ترقی کا سفر جاری رہے گا، اس موقع پر دیگر رہنماؤں نے بھی خطاب کیا اور عوامی مسائل کے حل پر زور دیا۔

33
بقیہ

یہ خبر صفحہ اول سے جاری ہے، انہوں نے کہا کہ حکومت عوام کی خدمت کے لئے ہر ممکن اقدامات کر رہی ہے اور ملک میں ترقی کا سفر جاری رہے گا، اس موقع پر دیگر رہنماؤں نے بھی خطاب کیا اور عوامی مسائل کے حل پر زور دیا۔ یہ خبر صفحہ اول سے جاری ہے، انہوں نے کہا کہ حکومت عوام کی خدمت کے لئے ہر ممکن اقدامات کر رہی ہے اور ملک میں ترقی کا سفر جاری رہے گا، اس موقع پر دیگر رہنماؤں نے بھی خطاب کیا اور عوامی مسائل کے حل پر زور دیا۔ یہ خبر صفحہ اول سے جاری ہے، انہوں نے کہا کہ حکومت عوام کی خدمت کے لئے ہر ممکن اقدامات کر رہی ہے اور ملک میں ترقی کا سفر جاری رہے گا، اس موقع پر دیگر رہنماؤں نے بھی خطاب کیا اور عوامی مسائل کے حل پر زور دیا۔ یہ خبر صفحہ اول سے جاری ہے، انہوں نے کہا کہ حکومت عوام کی خدمت کے لئے ہر ممکن اقدامات کر رہی ہے اور ملک میں ترقی کا سفر جاری رہے گا، اس موقع پر دیگر رہنماؤں نے بھی خطاب کیا اور عوامی مسائل کے حل پر زور دیا۔ یہ خبر صفحہ اول سے جاری ہے، انہوں نے کہا کہ حکومت عوام کی خدمت کے لئے ہر ممکن اقدامات کر رہی ہے اور ملک میں ترقی کا سفر جاری رہے گا، اس موقع پر دیگر رہنماؤں نے بھی خطاب کیا اور عوامی مسائل کے حل پر زور دیا۔

34
بقیہ

یہ خبر صفحہ اول سے جاری ہے، انہوں نے کہا کہ حکومت عوام کی خدمت کے لئے ہر ممکن اقدامات کر رہی ہے اور ملک میں ترقی کا سفر جاری رہے گا، اس موقع پر دیگر رہنماؤں نے بھی خطاب کیا اور عوامی مسائل کے حل پر زور دیا۔ یہ خبر صفحہ اول سے جاری ہے، انہوں نے کہا کہ حکومت عوام کی خدمت کے لئے ہر ممکن اقدامات کر رہی ہے اور ملک میں ترقی کا سفر جاری رہے گا، اس موقع پر دیگر رہنماؤں نے بھی خطاب کیا اور عوامی مسائل کے حل پر زور دیا۔ یہ خبر صفحہ اول سے جاری ہے، انہوں نے کہا کہ حکومت عوام کی خدمت کے لئے ہر ممکن اقدامات کر رہی ہے اور ملک میں ترقی کا سفر جاری رہے گا، اس موقع پر دیگر رہنماؤں نے بھی خطاب کیا اور عوامی مسائل کے حل پر زور دیا۔ یہ خبر صفحہ اول سے جاری ہے، انہوں نے کہا کہ حکومت عوام کی خدمت کے لئے ہر ممکن اقدامات کر رہی ہے اور ملک میں ترقی کا سفر جاری رہے گا، اس موقع پر دیگر رہنماؤں نے بھی خطاب کیا اور عوامی مسائل کے حل پر زور دیا۔

35
بقیہ

یہ خبر صفحہ اول سے جاری ہے، انہوں نے کہا کہ حکومت عوام کی خدمت کے لئے ہر ممکن اقدامات کر رہی ہے اور ملک میں ترقی کا سفر جاری رہے گا، اس موقع پر دیگر رہنماؤں نے بھی خطاب کیا اور عوامی مسائل کے حل پر زور دیا۔ یہ خبر صفحہ اول سے جاری ہے، انہوں نے کہا کہ حکومت عوام کی خدمت کے لئے ہر ممکن اقدامات کر رہی ہے اور ملک میں ترقی کا سفر جاری رہے گا، اس موقع پر دیگر رہنماؤں نے بھی خطاب کیا اور عوامی مسائل کے حل پر زور دیا۔ یہ خبر صفحہ اول سے جاری ہے، انہوں نے کہا کہ حکومت عوام کی خدمت کے لئے ہر ممکن اقدامات کر رہی ہے اور ملک میں ترقی کا سفر جاری رہے گا، اس موقع پر دیگر رہنماؤں نے بھی خطاب کیا اور عوامی مسائل کے حل پر زور دیا۔

36
بقیہ

یہ خبر صفحہ اول سے جاری ہے، انہوں نے کہا کہ حکومت عوام کی خدمت کے لئے ہر ممکن اقدامات کر رہی ہے اور ملک میں ترقی کا سفر جاری رہے گا، اس موقع پر دیگر رہنماؤں نے بھی خطاب کیا اور عوامی مسائل کے حل پر زور دیا۔ یہ خبر صفحہ اول سے جاری ہے، انہوں نے کہا کہ حکومت عوام کی خدمت کے لئے ہر ممکن اقدامات کر رہی ہے اور ملک میں ترقی کا سفر جاری رہے گا، اس موقع پر دیگر رہنماؤں نے بھی خطاب کیا اور عوامی مسائل کے حل پر زور دیا۔

37
بقیہ

یہ خبر صفحہ اول سے جاری ہے، انہوں نے کہا کہ حکومت عوام کی خدمت کے لئے ہر ممکن اقدامات کر رہی ہے اور ملک میں ترقی کا سفر جاری رہے گا، اس موقع پر دیگر رہنماؤں نے بھی خطاب کیا اور عوامی مسائل کے حل پر زور دیا۔ یہ خبر صفحہ اول سے جاری ہے، انہوں نے کہا کہ حکومت عوام کی خدمت کے لئے ہر ممکن اقدامات کر رہی ہے اور ملک میں ترقی کا سفر جاری رہے گا، اس موقع پر دیگر رہنماؤں نے بھی خطاب کیا اور عوامی مسائل کے حل پر زور دیا۔ یہ خبر صفحہ اول سے جاری ہے، انہوں نے کہا کہ حکومت عوام کی خدمت کے لئے ہر ممکن اقدامات کر رہی ہے اور ملک میں ترقی کا سفر جاری رہے گا، اس موقع پر دیگر رہنماؤں نے بھی خطاب کیا اور عوامی مسائل کے حل پر زور دیا۔ یہ خبر صفحہ اول سے جاری ہے، انہوں نے کہا کہ حکومت عوام کی خدمت کے لئے ہر ممکن اقدامات کر رہی ہے اور ملک میں ترقی کا سفر جاری رہے گا، اس موقع پر دیگر رہنماؤں نے بھی خطاب کیا اور عوامی مسائل کے حل پر زور دیا۔ یہ خبر صفحہ اول سے جاری ہے، انہوں نے کہا کہ حکومت عوام کی خدمت کے لئے ہر ممکن اقدامات کر رہی ہے اور ملک میں ترقی کا سفر جاری رہے گا، اس موقع پر دیگر رہنماؤں نے بھی خطاب کیا اور عوامی مسائل کے حل پر زور دیا۔

38
بقیہ

یہ خبر صفحہ اول سے جاری ہے، انہوں نے کہا کہ حکومت عوام کی خدمت کے لئے ہر ممکن اقدامات کر رہی ہے اور ملک میں ترقی کا سفر جاری رہے گا، اس موقع پر دیگر رہنماؤں نے بھی خطاب کیا اور عوامی مسائل کے حل پر زور دیا۔ یہ خبر صفحہ اول سے جاری ہے، انہوں نے کہا کہ حکومت عوام کی خدمت کے لئے ہر ممکن اقدامات کر رہی ہے اور ملک میں ترقی کا سفر جاری رہے گا، اس موقع پر دیگر رہنماؤں نے بھی خطاب کیا اور عوامی مسائل کے حل پر زور دیا۔ یہ خبر صفحہ اول سے جاری ہے، انہوں نے کہا کہ حکومت عوام کی خدمت کے لئے ہر ممکن اقدامات کر رہی ہے اور ملک میں ترقی کا سفر جاری رہے گا، اس موقع پر دیگر رہنماؤں نے بھی خطاب کیا اور عوامی مسائل کے حل پر زور دیا۔ یہ خبر صفحہ اول سے جاری ہے، انہوں نے کہا کہ حکومت عوام کی خدمت کے لئے ہر ممکن اقدامات کر رہی ہے اور ملک میں ترقی کا سفر جاری رہے گا، اس موقع پر دیگر رہنماؤں نے بھی خطاب کیا اور عوامی مسائل کے حل پر زور دیا۔

39
بقیہ

یہ خبر صفحہ اول سے جاری ہے، انہوں نے کہا کہ حکومت عوام کی خدمت کے لئے ہر ممکن اقدامات کر رہی ہے اور ملک میں ترقی کا سفر جاری رہے گا، اس موقع پر دیگر رہنماؤں نے بھی خطاب کیا اور عوامی مسائل کے حل پر زور دیا۔ یہ خبر صفحہ اول سے جاری ہے، انہوں نے کہا کہ حکومت عوام کی خدمت کے لئے ہر ممکن اقدامات کر رہی ہے اور ملک میں ترقی کا سفر جاری رہے گا، اس موقع پر دیگر رہنماؤں نے بھی خطاب کیا اور عوامی مسائل کے حل پر زور دیا۔ یہ خبر صفحہ اول سے جاری ہے، انہوں نے کہا کہ حکومت عوام کی خدمت کے لئے ہر ممکن اقدامات کر رہی ہے اور ملک میں ترقی کا سفر جاری رہے گا، اس موقع پر دیگر رہنماؤں نے بھی خطاب کیا اور عوامی مسائل کے حل پر زور دیا۔

40
بقیہ

یہ خبر صفحہ اول سے جاری ہے، انہوں نے کہا کہ حکومت عوام کی خدمت کے لئے ہر ممکن اقدامات کر رہی ہے اور ملک میں ترقی کا سفر جاری رہے گا، اس موقع پر دیگر رہنماؤں نے بھی خطاب کیا اور عوامی مسائل کے حل پر زور دیا۔ یہ خبر صفحہ اول سے جاری ہے، انہوں نے کہا کہ حکومت عوام کی خدمت کے لئے ہر ممکن اقدامات کر رہی ہے اور ملک میں ترقی کا سفر جاری رہے گا، اس موقع پر دیگر رہنماؤں نے بھی خطاب کیا اور عوامی مسائل کے حل پر زور دیا۔

41
بقیہ

یہ خبر صفحہ اول سے جاری ہے، انہوں نے کہا کہ حکومت عوام کی خدمت کے لئے ہر ممکن اقدامات کر رہی ہے اور ملک میں ترقی کا سفر جاری رہے گا، اس موقع پر دیگر رہنماؤں نے بھی خطاب کیا اور عوامی مسائل کے حل پر زور دیا۔ یہ خبر صفحہ اول سے جاری ہے، انہوں نے کہا کہ حکومت عوام کی خدمت کے لئے ہر ممکن اقدامات کر رہی ہے اور ملک میں ترقی کا سفر جاری رہے گا، اس موقع پر دیگر رہنماؤں نے بھی خطاب کیا اور عوامی مسائل کے حل پر زور دیا۔ یہ خبر صفحہ اول سے جاری ہے، انہوں نے کہا کہ حکومت عوام کی خدمت کے لئے ہر ممکن اقدامات کر رہی ہے اور ملک میں ترقی کا سفر جاری رہے گا، اس موقع پر دیگر رہنماؤں نے بھی خطاب کیا اور عوامی مسائل کے حل پر زور دیا۔ یہ خبر صفحہ اول سے جاری ہے، انہوں نے کہا کہ حکومت عوام کی خدمت کے لئے ہر ممکن اقدامات کر رہی ہے اور ملک میں ترقی کا سفر جاری رہے گا، اس موقع پر دیگر رہنماؤں نے بھی خطاب کیا اور عوامی مسائل کے حل پر زور دیا۔ یہ خبر صفحہ اول سے جاری ہے، انہوں نے کہا کہ حکومت عوام کی خدمت کے لئے ہر ممکن اقدامات کر رہی ہے اور ملک میں ترقی کا سفر جاری رہے گا، اس موقع پر دیگر رہنماؤں نے بھی خطاب کیا اور عوامی مسائل کے حل پر زور دیا۔

42
بقیہ

یہ خبر صفحہ اول سے جاری ہے، انہوں نے کہا کہ حکومت عوام کی خدمت کے لئے ہر ممکن اقدامات کر رہی ہے اور ملک میں ترقی کا سفر جاری رہے گا، اس موقع پر دیگر رہنماؤں نے بھی خطاب کیا اور عوامی مسائل کے حل پر زور دیا۔ یہ خبر صفحہ اول سے جاری ہے، انہوں نے کہا کہ حکومت عوام کی خدمت کے لئے ہر ممکن اقدامات کر رہی ہے اور ملک میں ترقی کا سفر جاری رہے گا، اس موقع پر دیگر رہنماؤں نے بھی خطاب کیا اور عوامی مسائل کے حل پر زور دیا۔ یہ خبر صفحہ اول سے جاری ہے، انہوں نے کہا کہ حکومت عوام کی خدمت کے لئے ہر ممکن اقدامات کر رہی ہے اور ملک میں ترقی کا سفر جاری رہے گا، اس موقع پر دیگر رہنماؤں نے بھی خطاب کیا اور عوامی مسائل کے حل پر زور دیا۔ یہ خبر صفحہ اول سے جاری ہے، انہوں نے کہا کہ حکومت عوام کی خدمت کے لئے ہر ممکن اقدامات کر رہی ہے اور ملک میں ترقی کا سفر جاری رہے گا، اس موقع پر دیگر رہنماؤں نے بھی خطاب کیا اور عوامی مسائل کے حل پر زور دیا۔
